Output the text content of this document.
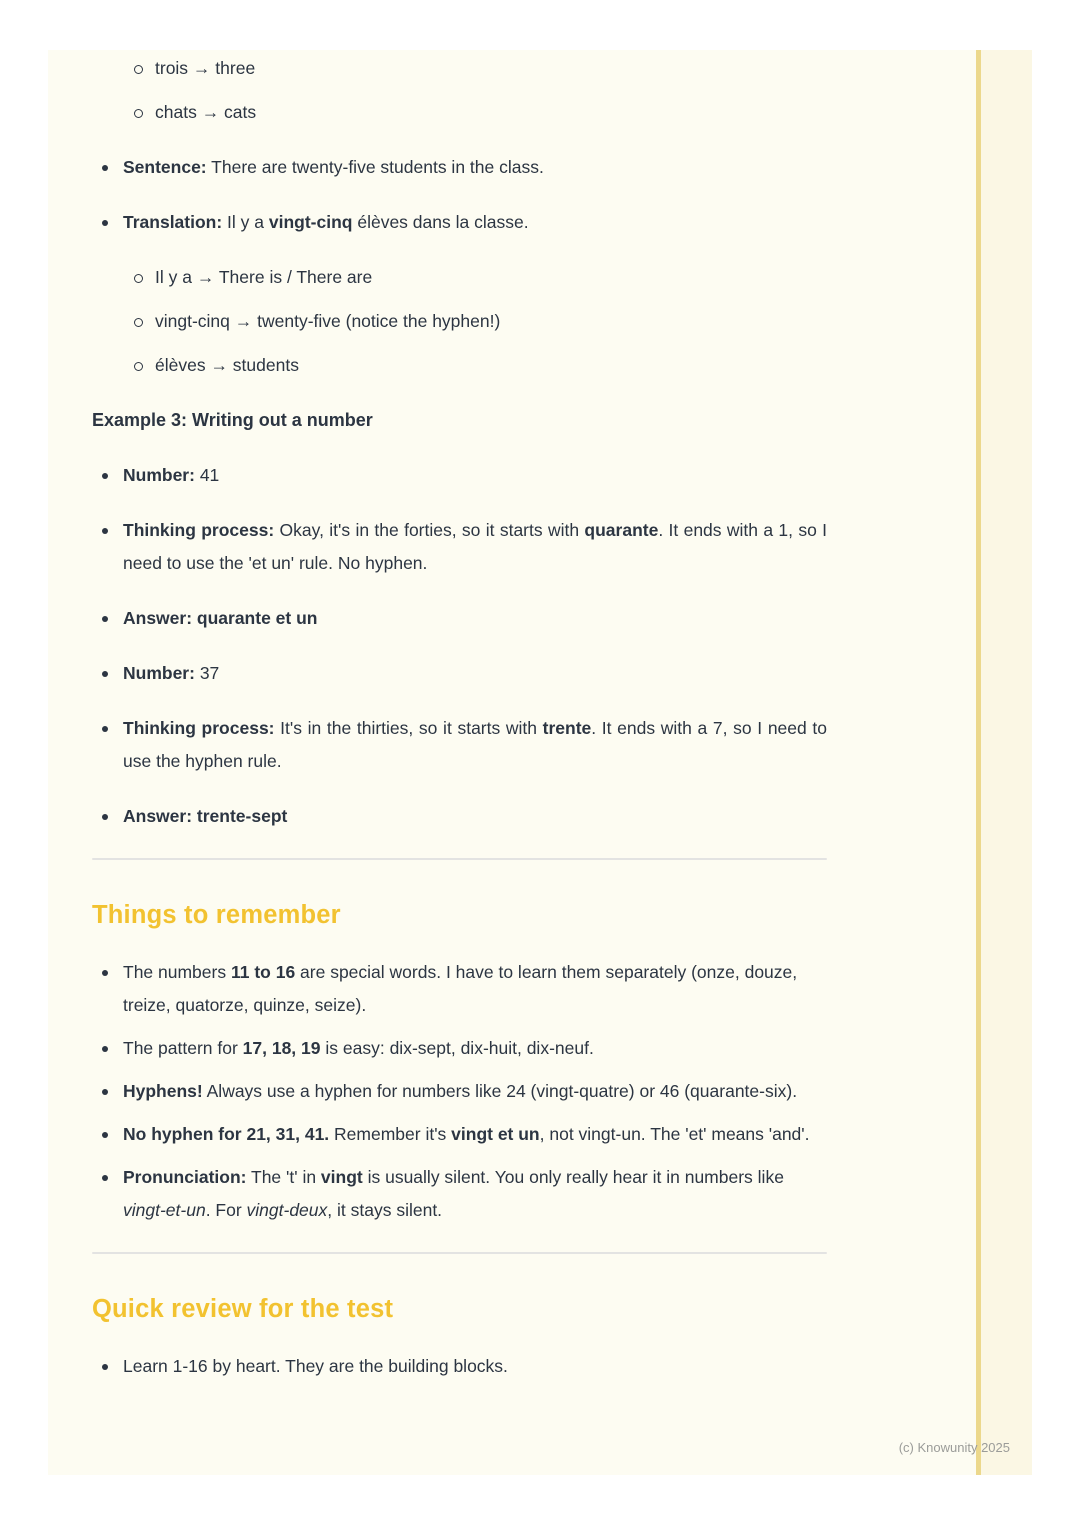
trois → three

chats → cats

Sentence: There are twenty-five students in the class.

Translation: Il y a vingt-cinq élèves dans la classe.

Il y a → There is / There are

vingt-cinq → twenty-five (notice the hyphen!)

élèves → students

Example 3: Writing out a number

Number: 41

Thinking process: Okay, it's in the forties, so it starts with quarante. It ends with a 1, so I need to use the 'et un' rule. No hyphen.

Answer: quarante et un

Number: 37

Thinking process: It's in the thirties, so it starts with trente. It ends with a 7, so I need to use the hyphen rule.

Answer: trente-sept

Things to remember

The numbers 11 to 16 are special words. I have to learn them separately (onze, douze, treize, quatorze, quinze, seize).

The pattern for 17, 18, 19 is easy: dix-sept, dix-huit, dix-neuf.

Hyphens! Always use a hyphen for numbers like 24 (vingt-quatre) or 46 (quarante-six).

No hyphen for 21, 31, 41. Remember it's vingt et un, not vingt-un. The 'et' means 'and'.

Pronunciation: The 't' in vingt is usually silent. You only really hear it in numbers like vingt-et-un. For vingt-deux, it stays silent.

Quick review for the test

Learn 1-16 by heart. They are the building blocks.

(c) Knowunity 2025
